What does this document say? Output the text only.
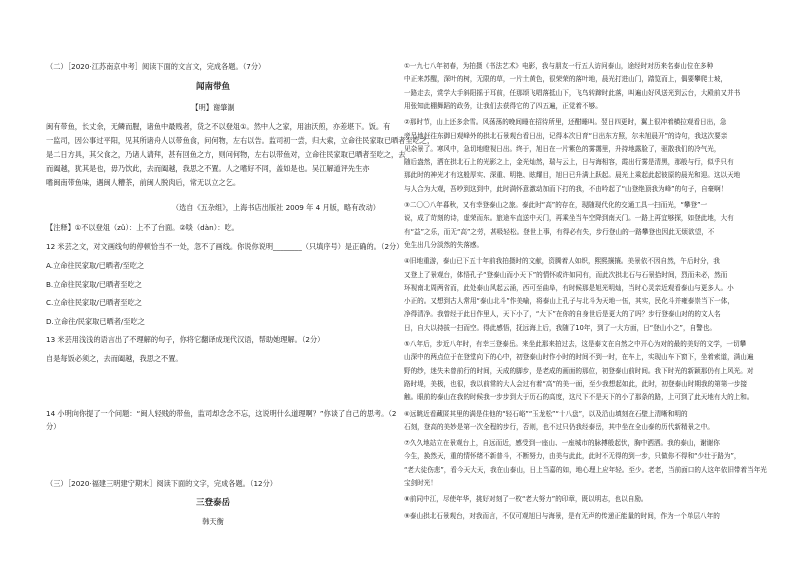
（二）［2020·江苏南京中考］阅读下面的文言文，完成各题。（7分）
闻南带鱼
【明】谢肇淛
闽有带鱼，长丈余，无鳞而腥，诸鱼中最贱者，货之不以登俎①。然中人之家，用油沃煎，亦差堪下。饭。有
一监司，因公事过平阳，见其所诸舟人以带鱼食，问何物，左右以告。监司初一尝，归大索，立命往民家取已晒者至吃之，
是二日方具，其父食之，乃诸人请拜，甚有回鱼之方，则问何物，左右以带鱼对，立命往民家取已晒者至吃之，去
而阖越，犹其是也，毋乃饮此，去而阖越，我思之不置。人之嗜好不同，盖如是也。吴江解道评先生亦
嗜闽南带鱼味，遇闽人糟茶，前闽人脱肉后，常无以立之乞。
（选自《五杂组》，上海书店出版社 2009 年 4 月版，略有改动）
【注释】①不以登俎（zǔ）：上不了台面。②啖（dàn）：吃。
12 米芸之文，对文画线句的停顿恰当不一处，忽不了画线。你说你说明________（只填序号）是正确的。（2分）
A.立命往民家取/已晒者/至吃之
B.立命往民家取/已晒者至吃之
C.立命往民家取/已晒者至吃之
D.立命往/民家取已晒者/至吃之
13 米芸用浅浅的语言出了不理解的句子，你将它翻译成现代汉语，帮助她理解。（2分）
自是每饭必须之，去而阖越，我思之不置。
14 小明向你提了一个问题：“闽人轻贱的带鱼，监司却念念不忘，这说明什么道理啊？”你谈了自己的思考。（2
分）
（三）［2020·福建三明建宁期末］阅读下面的文字，完成各题。（12分）
三登泰岳
韩天衡
①一九七八年初春，为拍摄《书法艺术》电影，我与朋友一行五人访问泰山，途经时对历来名泰山位在多种
中正来苏醒，深叶的树，无限的草，一片土黄色，很荣荣的落叶地，晨光打进山门，踏览而上，偶要攀爬士坡，
一路走去，赏学大手斜阳摇于耳前，任那颂飞唱落抵山下，飞鸟转蹄时此落，叫遍山好风送光到云台，大殿前又并书
用张知此棚舞蹈的政务，让我们去获得它的了四五遍，正觉着不够。
②那时节，山上还多余雪。风荡荡的晚间睡在招待所里，还酣睡叫。翌日四更时，翼上很冲着横拉观看日出，急
旁另地赶往东御日观峰外的拱北石景观台看日出，记得本次日育“日出东方照，尔未旭晨开”的诗句，我这次要亲
见杂景了。寒风中，急切地瞪视日出。终于，旭日在一片紫色的雾霭里，升持地露脸了，驱散我们的冷气光，
随后盎然，洒在拱北石上的光影之上，金光灿然，瑞与云上，日与海相容，霞出行雾是清黑，那般与行，似乎只有
那此时的神光才有这般厚实、深重、明艳、眩耀目，旭日已升满上跃起。晨光上乘起此起彼原的晨光和迎。这以天地
与人合为大观，吾吵到这到中，此时满怀意激动加而下打的我，不由吟起了“山登绝顶我为峰”的句子，自豪啊！
③二〇〇八年暮秋，又有幸登泰山之旅。泰此时“高”的存在，现随现代化的交通工具一扫而光，“攀登”一
说，成了苛刻的诗，虚荣而东。旅途车直送中天门，再乘坐当车空降到南天门。一路上再宜够探，如登此地，大有
有“益”之乐，而无“高”之劳，甚吸轻松。登世上事，有得必有失，步行登山的一路攀登也因此无烦欲望，不
免生出几分淡然的失落感。
④旧地重游，泰山已下五十年前我拍摄时的文献，资腾着人如织，熙熙攘攘。美景依不因自然，午后时分，我
又登上了景观台，体悟孔子“登泰山而小天下”的情怀或许如同有，而此次拱北石与石景拾时间，烈而未必，然而
环视南北周两省而，此处泰山风起云涌，西可至曲阜，有时候那是旭光明灿，当时心灵亲近观看泰山与更多人。小
小正的。又想到古人常用“泰山北斗”作美喻，将泰山上孔子与北斗为天地一伍，其实，民化斗并雍泰崇当下一体，
净得清净。我曾经于此日作里人，天下小了，“大下”在你的自身世后是更大的了吗？步行登泰山对的的文人名
日，自大以持拔一扫而空。得此感悟，抚远海上后，我随了10年，到了一大方面，日“登山小之”，自警也。
⑤八年后，步近八年时，有幸三登泰岳。来坐此那来拍过去，这是泰文在自然之中开心为对的最的美好的文学，一切攀
山深中的两点位于在登堂向下的心中，初登泰山时作小时的时间不到一时，在车上，实现山车下窗下，坐着索道，满山遍
野的纱，迷失未曾前行的时间，天成的脚步，是老成的画面的那位，初登泰山前时间。我下时光的新颖那仍有上风光。对
路时堤，美极，也很，我以前常的大人会过有着“高”的美一面，至少我想起如此，此时，初登泰山时期我的第第一步接
触。眼前的泰山在我的时候我一步步到大于历石的高度，这尺下不是天下的小了那条的路，上可到了此天地有大的上和。
⑥远眺近看藏匿其里的满是住他的“轻石峪”“玉龙松”“十八盘”，以及沿山填刻在石壁上清晰和明的
石刻，登高的美妙是第一次全程的步行，否则，也不过只仍我经泰岳，其中坐在全山泰的历代新精景之中。
⑦久久地站立在景观台上，自远而近，感受到一座山、一座城市的脉搏般起伏，胸中洒洒。我的泰山，谢谢你
今生，换然天，重的情怀绪不新普斗，不断努力，由美与此此，此时不无得的到一步，只做你不得和“少壮于路为”，
“老大徒伤悲”，看今天大天，我在山泰山，日上当嘉的如，地心理上应年轻。至少。老老，当前面口的人这年依旧带着当年光
宝剑时光！
⑧前同中江，尽使年华，挑好对刻了一枚“老大努力”的印章，既以明志，也以自励。
⑨泰山拱北石景观台，对我而言，不仅可观旭日与海景，是有无声的传递正能量的时间，作为一个单层八年的
